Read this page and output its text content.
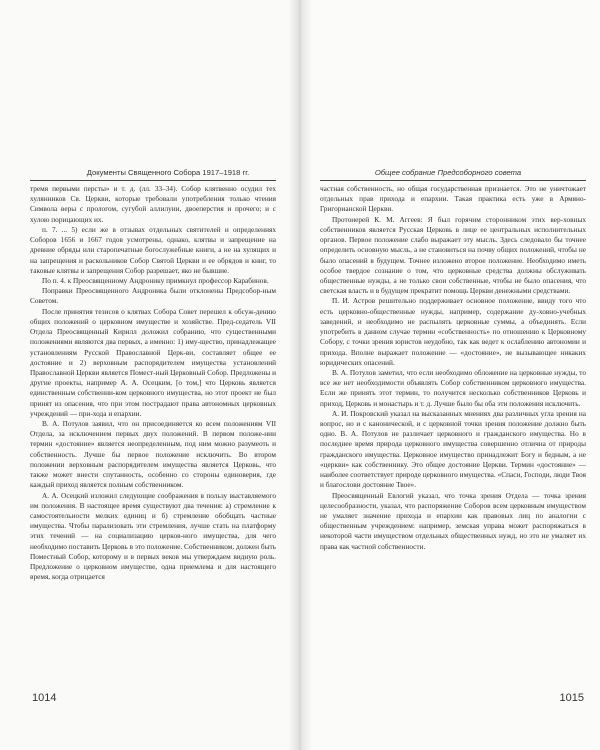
Документы Священного Собора 1917–1918 гг.

тремя первыми персты» и т. д. (лл. 33–34). Собор клятвенно осудил тех хулянников Св. Церкви, которые требовали употребления только чтения Символа веры с прологом, сугубой аллилуии, двоеперстия и прочего; и с хулою порицающих их.

п. 7. ... 5) если же в отзывах отдельных святителей и определениях Соборов 1656 и 1667 годов усмотрены, однако, клятвы и запрещение на древние обряды или старопечатные богослужебные книги, а не на хулящих и на запрещения и раскольников Собор Святой Церкви и ее обрядов и книг, то таковые клятвы и запрещения Собор разрешает, яко не бывшие.

По п. 4. к Преосвященному Андронику примкнул профессор Карабинов.

Поправки Преосвященного Андроника были отклонены Предсобор-ным Советом.

После принятия тезисов о клятвах Собора Совет перешел к обсуж-дению общих положений о церковном имуществе и хозяйстве. Пред-седатель VII Отдела Преосвященный Кирилл доложил собранию, что существенными положениями являются два первых, а именно: 1) иму-щество, принадлежащее установлениям Русской Православной Церк-ви, составляет общее ее достояние и 2) верховным распорядителем имущества установлений Православной Церкви является Помест-ный Церковный Собор. Предложены и другие проекты, например А. А. Осецким, [о том,] что Церковь является единственным собственни-ком церковного имущества, но этот проект не был принят из опасения, что при этом пострадают права автономных церковных учреждений — при-хода и епархии.

В. А. Потулов заявил, что он присоединяется ко всем положениям VII Отдела, за исключением первых двух положений. В первом положе-нии термин «достояние» является неопределенным, под ним можно разумеоть и собственность. Лучше бы первое положение исключить. Во втором положении верховным распорядителем имущества является Церковь, что также может внести спутанность, особенно со стороны единоверия, где каждый приход является полным собственником.

А. А. Осецкий изложил следующие соображения в пользу выставляемого им положения. В настоящее время существуют два течения: а) стремление к самостоятельности мелких единиц и б) стремление обобщать частные имущества. Чтобы парализовать эти стремления, лучше стать на платформу этих течений — на социализацию церков-ного имущества, для чего необходимо поставить Церковь в это положение. Собственником, должен быть Поместный Собор, которому и в первых веков мы утверждаем видную роль. Предложение о церковном имуществе, одна приемлема и для настоящего время, когда отрицается

1014
Общее собрание Предсоборного совета

частная собственность, но общая государственная признается. Это не уничтожает отдельных прав прихода и епархии. Такая практика есть уже в Армяно-Григорианской Церкви.

Протоиерей К. М. Аггеев: Я был горячим сторонником этих вер-ховных собственников является Русская Церковь в лице ее центральных исполнительных органов. Первое положение слабо выражает эту мысль. Здесь следовало бы точнее определить основную мысль, а не становиться на почву общих положений, чтобы не было опасений в будущем. Точнее изложено второе положение. Необходимо иметь особое твердое сознание о том, что церковные средства должны обслуживать общественные нужды, а не только свои собственные, чтобы не было опасения, что светская власть и в будущем прекратит помощь Церкви денежными средствами.

П. И. Астров решительно поддерживает основное положение, ввиду того что есть церковно-общественные нужды, например, содержание ду-ховно-учебных заведений, и необходимо не распылять церковные суммы, а объединять. Если употребить в данном случае термин «собственность» по отношению к Церковному Собору, с точки зрения юристов неудобно, так как ведет к ослаблению автономии и прихода. Вполне выражает положение — «достояние», не вызывающее никаких юридических опасений.

В. А. Потулов заметил, что если необходимо обложение на церковные нужды, то все же нет необходимости объявлять Собор собственником церковного имущества. Если же принять этот термин, то получится несколько собственников Церковь и приход, Церковь и монастырь и т. д. Лучше было бы оба эти положения исключить.

А. И. Покровский указал на высказанных мнениях два различных угла зрения на вопрос, но и с канонической, и с церковной точки зрения положение должно быть одно. В. А. Потулов не различает церковного и гражданского имущества. Но в последнее время природа церковного имущества совершенно отлична от природы гражданского имущества. Церковное имущество принадлежит Богу и бедным, а не «церкви» как собственнику. Это общее достояние Церкви. Термин «достояние» — наиболее соответствует природе церковного имущества. «Спаси, Господи, люди Твоя и благослови достояние Твое».

Преосвященный Евлогий указал, что точка зрения Отдела — точка зрения целесообразности, указал, что распоряжение Соборов всем церковным имуществом не умаляет значение прихода и епархии как правовых лиц по аналогии с общественным учреждением: например, земская управа может распоряжаться в некоторой части имуществом отдельных общественных нужд, но это не умаляет их права как частной собственности.

1015
